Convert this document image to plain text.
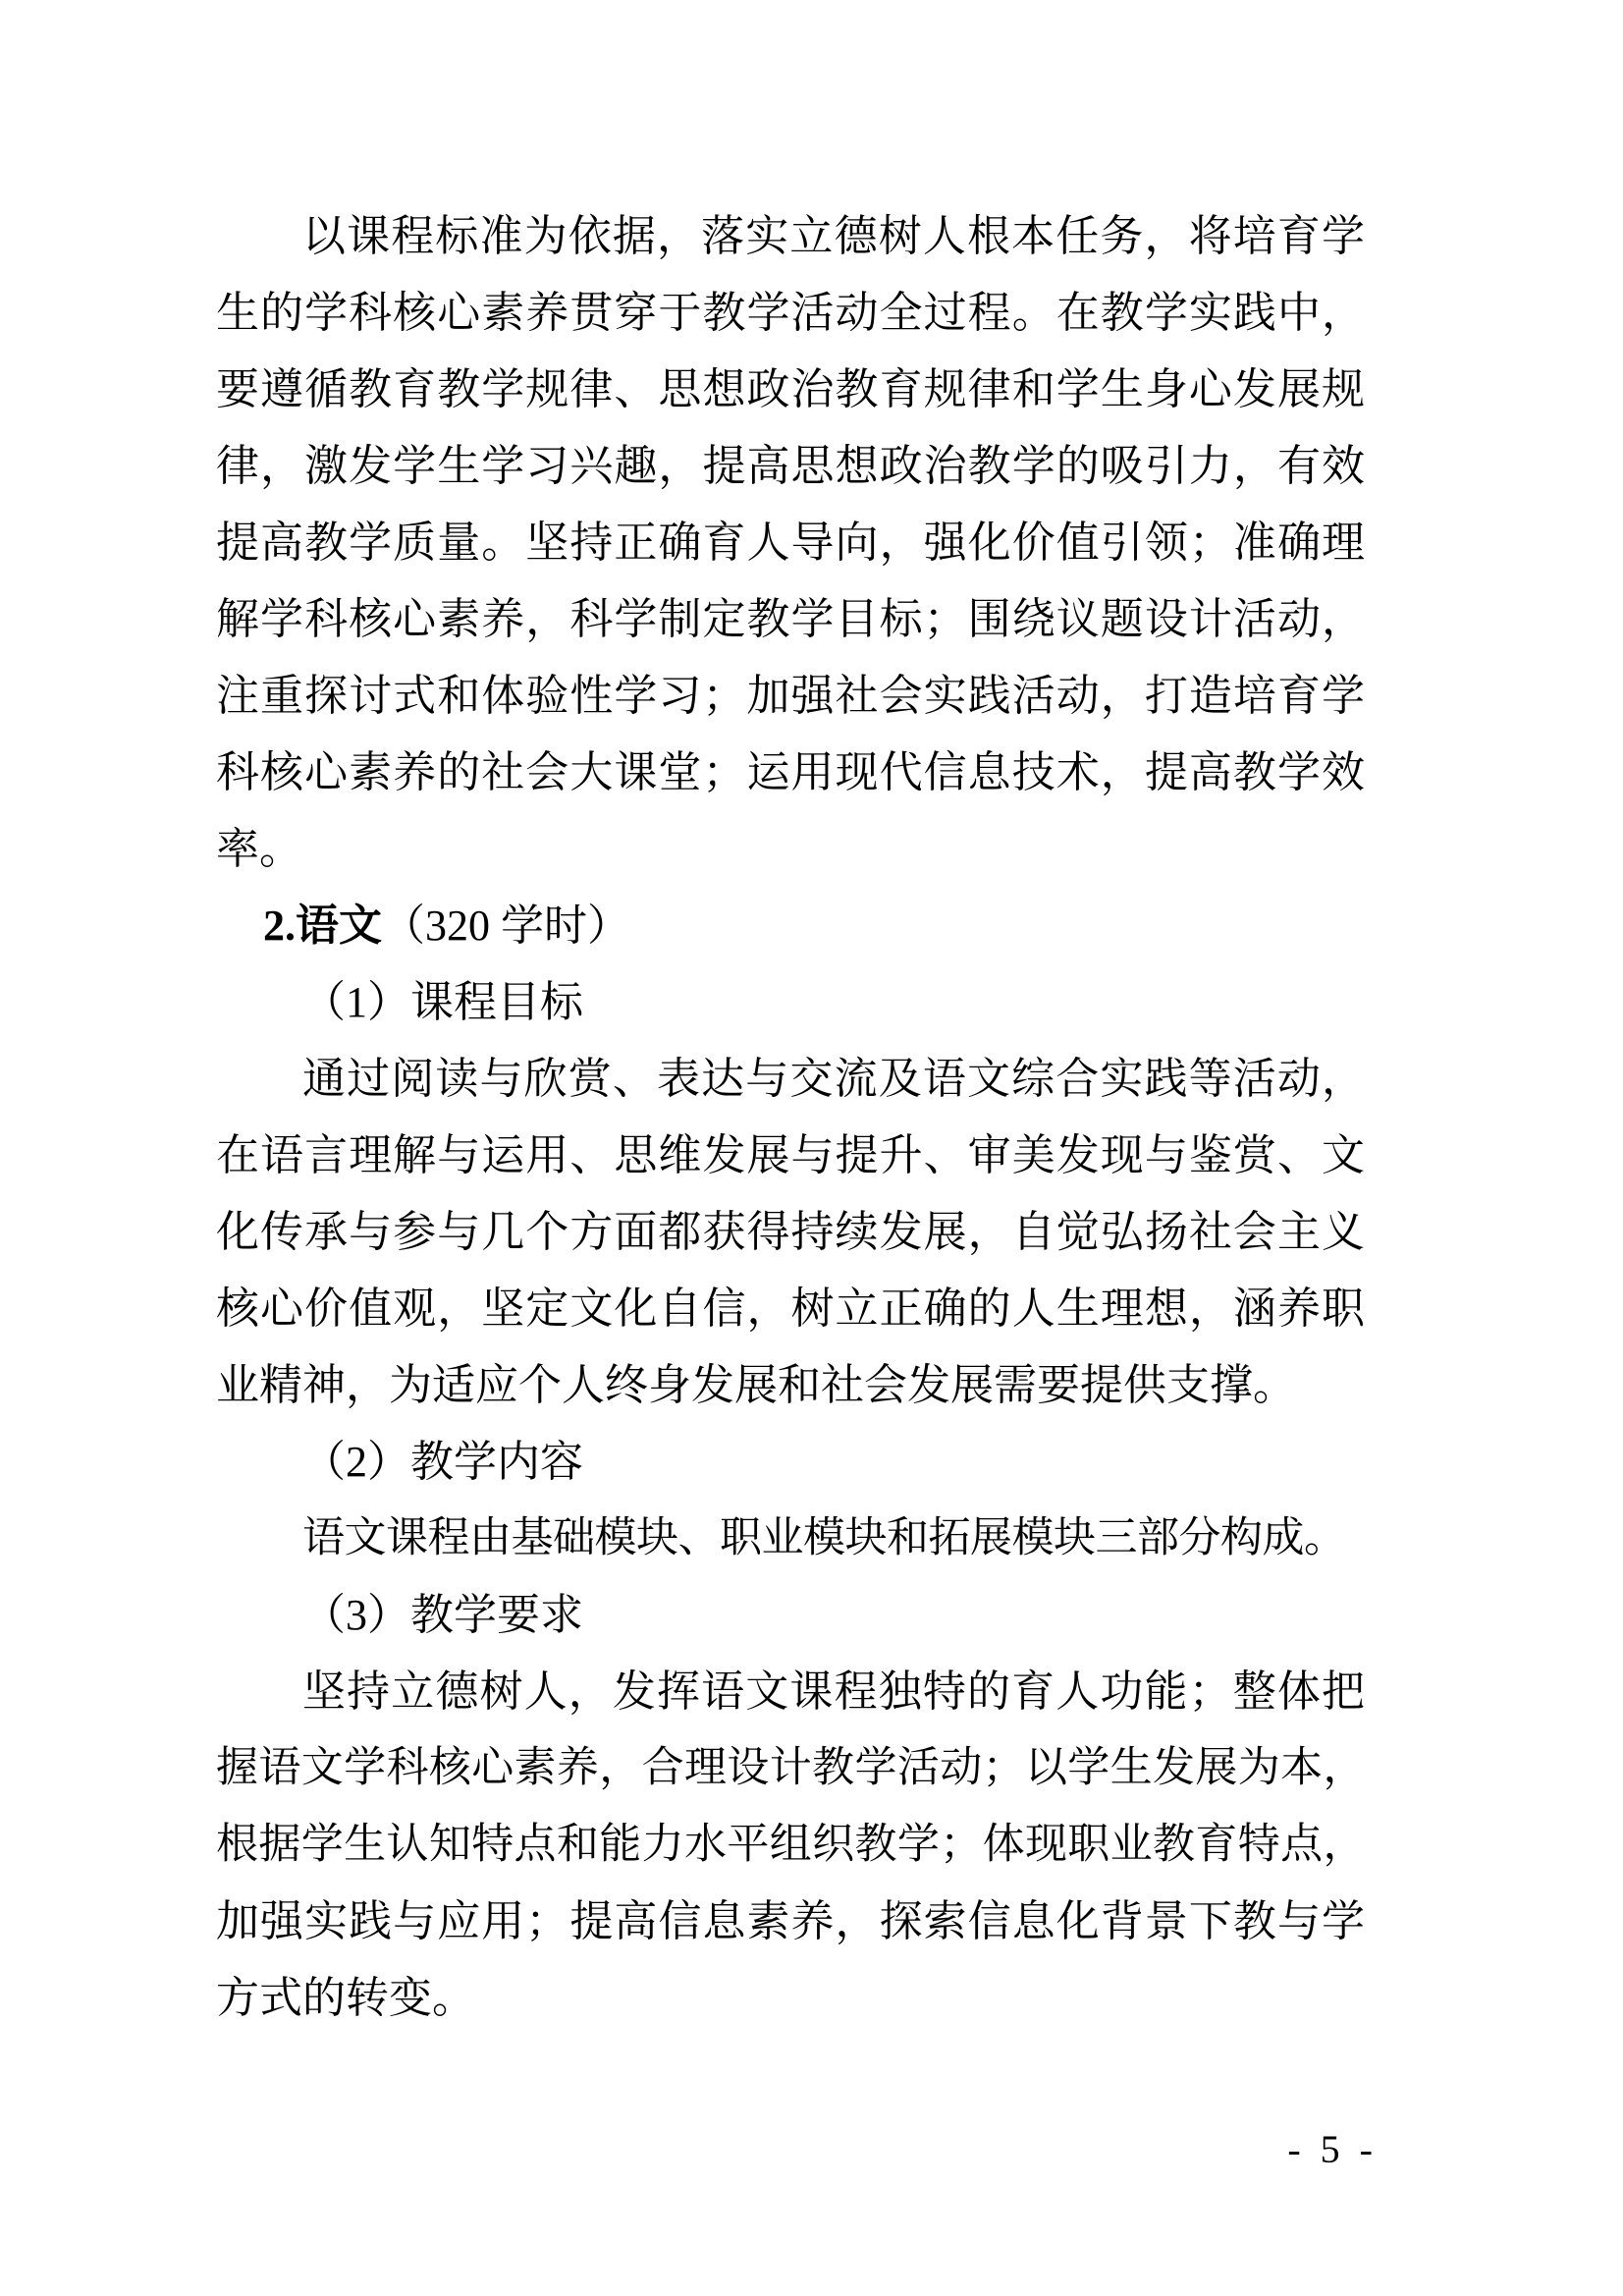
以课程标准为依据，落实立德树人根本任务，将培育学
生的学科核心素养贯穿于教学活动全过程。在教学实践中，
要遵循教育教学规律、思想政治教育规律和学生身心发展规
律，激发学生学习兴趣，提高思想政治教学的吸引力，有效
提高教学质量。坚持正确育人导向，强化价值引领；准确理
解学科核心素养，科学制定教学目标；围绕议题设计活动，
注重探讨式和体验性学习；加强社会实践活动，打造培育学
科核心素养的社会大课堂；运用现代信息技术，提高教学效
率。
2.语文（320 学时）
（1）课程目标
通过阅读与欣赏、表达与交流及语文综合实践等活动，
在语言理解与运用、思维发展与提升、审美发现与鉴赏、文
化传承与参与几个方面都获得持续发展，自觉弘扬社会主义
核心价值观，坚定文化自信，树立正确的人生理想，涵养职
业精神，为适应个人终身发展和社会发展需要提供支撑。
（2）教学内容
语文课程由基础模块、职业模块和拓展模块三部分构成。
（3）教学要求
坚持立德树人，发挥语文课程独特的育人功能；整体把
握语文学科核心素养，合理设计教学活动；以学生发展为本，
根据学生认知特点和能力水平组织教学；体现职业教育特点，
加强实践与应用；提高信息素养，探索信息化背景下教与学
方式的转变。
- 5 -
